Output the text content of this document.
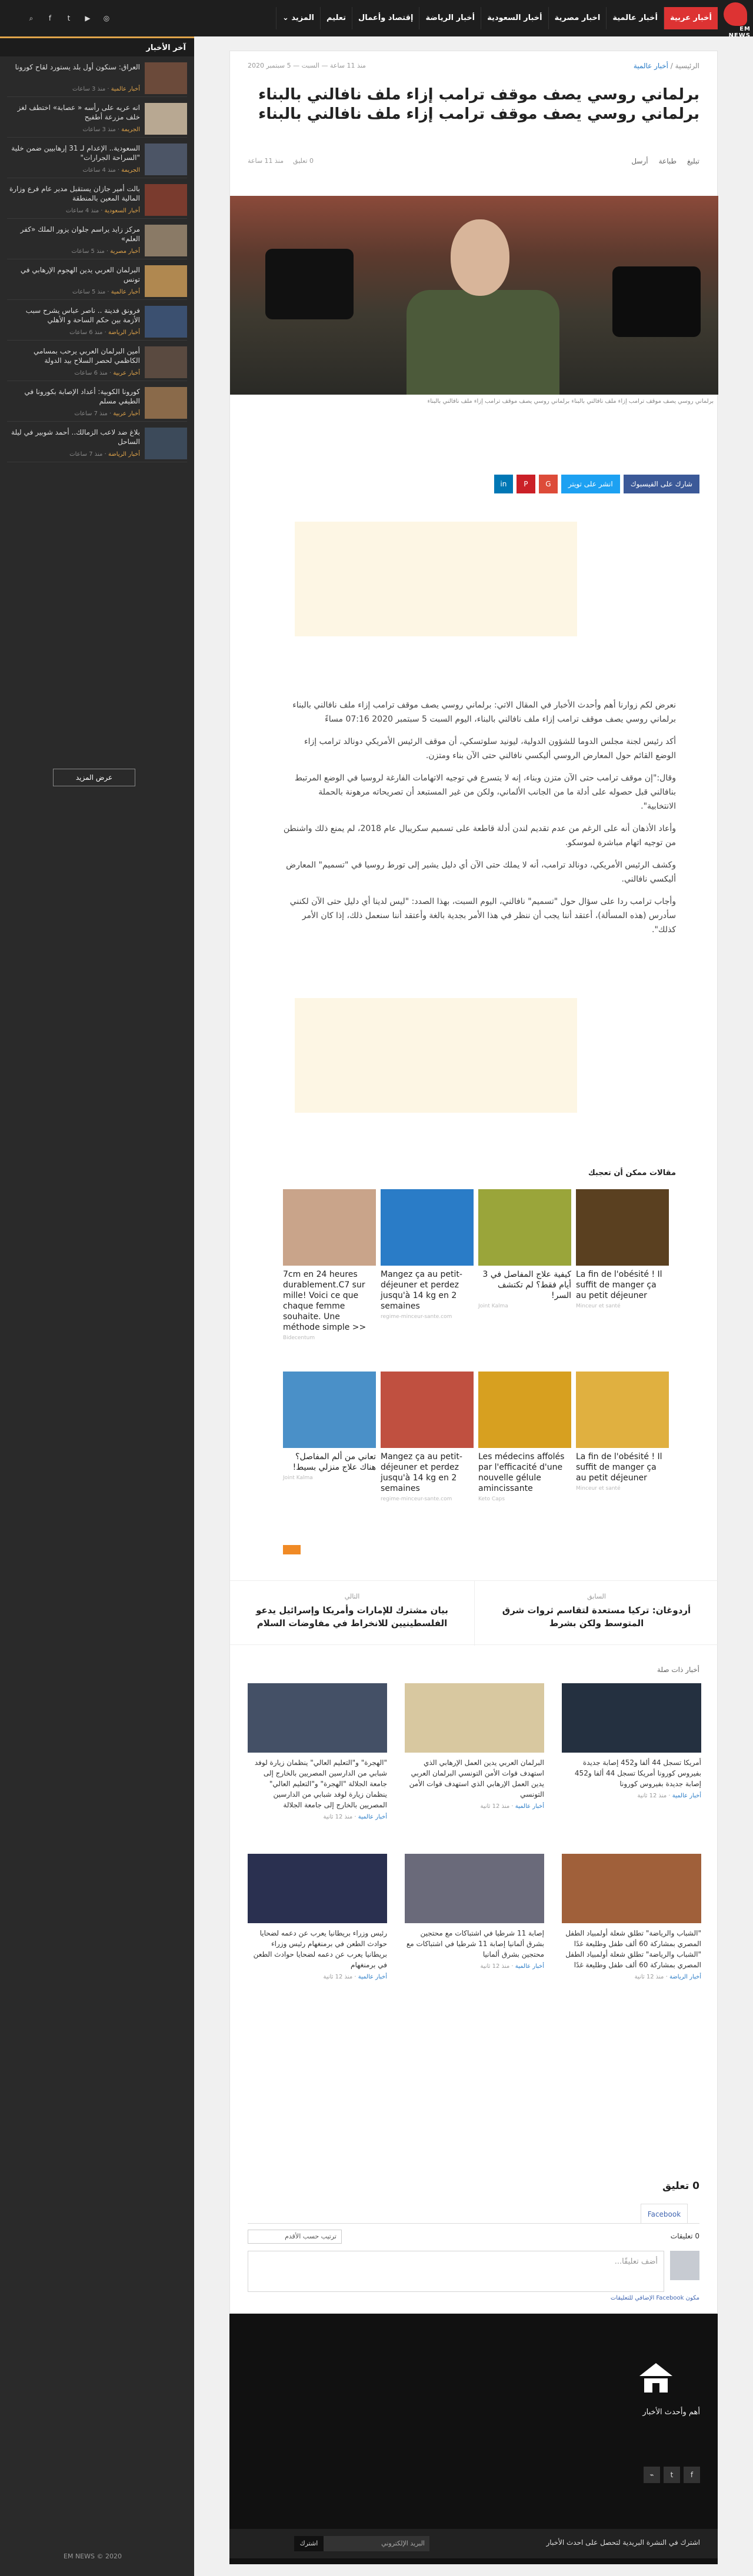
EM NEWS
أخبار عربية
أخبار عالمية
اخبار مصرية
أخبار السعودية
أخبار الرياضة
إقتصاد وأعمال
تعليم
المزيد ⌄
⌕	f	t	▶	◎
آخر الأخبار
العراق: سنكون أول بلد يستورد لقاح كورونا
أخبار عالمية · منذ 3 ساعات
انه عريه على رأسه « عصابة» اختطف لغز خلف مزرعة أطفيح
الجريمة · منذ 3 ساعات
السعودية.. الإعدام لـ 31 إرهابيين ضمن خلية "السراحة الجرارات"
الجريمة · منذ 4 ساعات
بالت أمير جازان يستقبل مدير عام فرع وزارة المالية المعين بالمنطقة
أخبار السعودية · منذ 4 ساعات
مركز زايد يراسم جلوان يزور الملك «كفر العلم»
أخبار مصرية · منذ 5 ساعات
البرلمان العربي يدين الهجوم الإرهابي في تونس
أخبار عالمية · منذ 5 ساعات
فرونق فدينة .. ناصر عباس يشرح سبب الأزمة بين حكم الساحة و الأهلي
أخبار الرياضة · منذ 6 ساعات
أمين البرلمان العربي يرحب بمسامي الكاظمي لحصر السلاح بيد الدولة
أخبار عربية · منذ 6 ساعات
كورونا الكوبية: أعداد الإصابة بكورونا في الطيفي مسلم
أخبار عربية · منذ 7 ساعات
بلاغ ضد لاعب الزمالك.. أحمد شوبير في ليلة الساحل
أخبار الرياضة · منذ 7 ساعات
عرض المزيد
EM NEWS © 2020
الرئيسية / أخبار عالمية
منذ 11 ساعة — السبت — 5 سبتمبر 2020
برلماني روسي يصف موقف ترامب إزاء ملف نافالني بالبناء برلماني روسي يصف موقف ترامب إزاء ملف نافالني بالبناء
تبليغ
طباعة
أرسل
0 تعليق
منذ 11 ساعة
برلماني روسي يصف موقف ترامب إزاء ملف نافالني بالبناء برلماني روسي يصف موقف ترامب إزاء ملف نافالني بالبناء
شارك على الفيسبوك
انشر على تويتر
G
P
in

نعرض لكم زوارنا أهم وأحدث الأخبار في المقال الاتي: برلماني روسي يصف موقف ترامب إزاء ملف نافالني بالبناء برلماني روسي يصف موقف ترامب إزاء ملف نافالني بالبناء، اليوم السبت 5 سبتمبر 2020 07:16 مساءً

أكد رئيس لجنة مجلس الدوما للشؤون الدولية، ليونيد سلوتسكي، أن موقف الرئيس الأمريكي دونالد ترامب إزاء الوضع القائم حول المعارض الروسي أليكسي نافالني حتى الآن بناء ومتزن.

وقال:"إن موقف ترامب حتى الآن متزن وبناء، إنه لا يتسرع في توجيه الاتهامات الفارغة لروسيا في الوضع المرتبط بنافالني قبل حصوله على أدلة ما من الجانب الألماني، ولكن من غير المستبعد أن تصريحاته مرهونة بالحملة الانتخابية".

وأعاد الأذهان أنه على الرغم من عدم تقديم لندن أدلة قاطعة على تسميم سكريبال عام 2018، لم يمنع ذلك واشنطن من توجيه اتهام مباشرة لموسكو.

وكشف الرئيس الأمريكي، دونالد ترامب، أنه لا يملك حتى الآن أي دليل يشير إلى تورط روسيا في "تسميم" المعارض أليكسي نافالني.

وأجاب ترامب ردا على سؤال حول "تسميم" نافالني، اليوم السبت، بهذا الصدد: "ليس لدينا أي دليل حتى الآن لكنني سأدرس (هذه المسألة)، أعتقد أننا يجب أن ننظر في هذا الأمر بجدية بالغة وأعتقد أننا سنعمل ذلك، إذا كان الأمر كذلك".

مقالات ممكن أن تعجبك
7cm en 24 heures durablement.C7 sur mille! Voici ce que chaque femme souhaite. Une méthode simple >>
Bidecentum
Mangez ça au petit-déjeuner et perdez jusqu'à 14 kg en 2 semaines
regime-minceur-sante.com
كيفية علاج المفاصل في 3 أيام فقط؟ لم تكتشف السر!
Joint Kalma
La fin de l'obésité ! Il suffit de manger ça au petit déjeuner
Minceur et santé
تعاني من ألم المفاصل؟ هناك علاج منزلي بسيط!
Joint Kalma
Mangez ça au petit-déjeuner et perdez jusqu'à 14 kg en 2 semaines
regime-minceur-sante.com
Les médecins affolés par l'efficacité d'une nouvelle gélule amincissante
Keto Caps
La fin de l'obésité ! Il suffit de manger ça au petit déjeuner
Minceur et santé
السابق
أردوغان: تركيا مستعدة لتقاسم ثروات شرق المتوسط ولكن بشرط
التالي
بيان مشترك للإمارات وأمريكا وإسرائيل يدعو الفلسطينيين للانخراط في مفاوضات السلام
أخبار ذات صلة
"الهجرة" و"التعليم العالي" ينظمان زيارة لوفد شبابي من الدارسين المصريين بالخارج إلى جامعة الجلالة "الهجرة" و"التعليم العالي" ينظمان زيارة لوفد شبابي من الدارسين المصريين بالخارج إلى جامعة الجلالة
أخبار عالمية · منذ 12 ثانية
البرلمان العربي يدين العمل الإرهابي الذي استهدف قوات الأمن التونسي البرلمان العربي يدين العمل الإرهابي الذي استهدف قوات الأمن التونسي
أخبار عالمية · منذ 12 ثانية
أمريكا تسجل 44 ألفا و452 إصابة جديدة بفيروس كورونا أمريكا تسجل 44 ألفا و452 إصابة جديدة بفيروس كورونا
أخبار عالمية · منذ 12 ثانية
رئيس وزراء بريطانيا يعرب عن دعمه لضحايا حوادث الطعن في برمنغهام رئيس وزراء بريطانيا يعرب عن دعمه لضحايا حوادث الطعن في برمنغهام
أخبار عالمية · منذ 12 ثانية
إصابة 11 شرطيا في اشتباكات مع محتجين بشرق ألمانيا إصابة 11 شرطيا في اشتباكات مع محتجين بشرق ألمانيا
أخبار عالمية · منذ 12 ثانية
"الشباب والرياضة" تطلق شعلة أولمبياد الطفل المصري بمشاركة 60 ألف طفل وطليعة غدًا "الشباب والرياضة" تطلق شعلة أولمبياد الطفل المصري بمشاركة 60 ألف طفل وطليعة غدًا
أخبار الرياضة · منذ 12 ثانية
0 تعليق
Facebook
0 تعليقات
ترتيب حسب الأقدم
أضف تعليقًا...
مكون Facebook الإضافي للتعليقات
أهم وأحدث الأخبار
f
t
⌁
اشترك في النشرة البريدية لتحصل على احدث الأخبار
البريد الإلكتروني
اشترك
